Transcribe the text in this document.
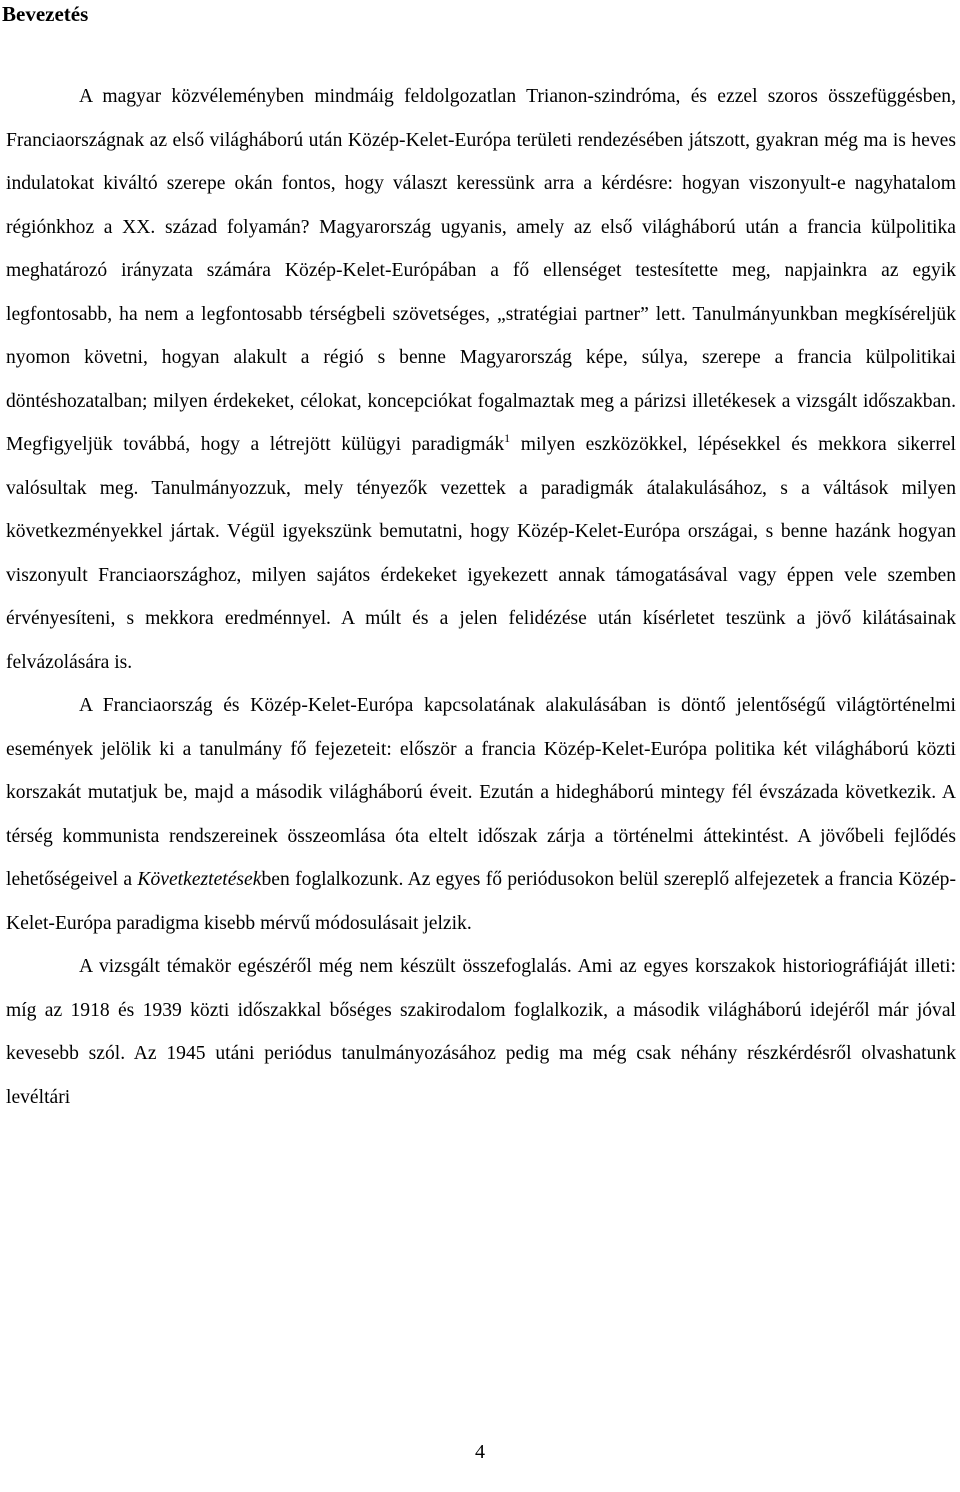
Bevezetés

A magyar közvéleményben mindmáig feldolgozatlan Trianon-szindróma, és ezzel szoros összefüggésben, Franciaországnak az első világháború után Közép-Kelet-Európa területi rendezésében játszott, gyakran még ma is heves indulatokat kiváltó szerepe okán fontos, hogy választ keressünk arra a kérdésre: hogyan viszonyult-e nagyhatalom régiónkhoz a XX. század folyamán? Magyarország ugyanis, amely az első világháború után a francia külpolitika meghatározó irányzata számára Közép-Kelet-Európában a fő ellenséget testesítette meg, napjainkra az egyik legfontosabb, ha nem a legfontosabb térségbeli szövetséges, „stratégiai partner” lett. Tanulmányunkban megkíséreljük nyomon követni, hogyan alakult a régió s benne Magyarország képe, súlya, szerepe a francia külpolitikai döntéshozatalban; milyen érdekeket, célokat, koncepciókat fogalmaztak meg a párizsi illetékesek a vizsgált időszakban. Megfigyeljük továbbá, hogy a létrejött külügyi paradigmák$^1$ milyen eszközökkel, lépésekkel és mekkora sikerrel valósultak meg. Tanulmányozzuk, mely tényezők vezettek a paradigmák átalakulásához, s a váltások milyen következményekkel jártak. Végül igyekszünk bemutatni, hogy Közép-Kelet-Európa országai, s benne hazánk hogyan viszonyult Franciaországhoz, milyen sajátos érdekeket igyekezett annak támogatásával vagy éppen vele szemben érvényesíteni, s mekkora eredménnyel. A múlt és a jelen felidézése után kísérletet teszünk a jövő kilátásainak felvázolására is.

A Franciaország és Közép-Kelet-Európa kapcsolatának alakulásában is döntő jelentőségű világtörténelmi események jelölik ki a tanulmány fő fejezeteit: először a francia Közép-Kelet-Európa politika két világháború közti korszakát mutatjuk be, majd a második világháború éveit. Ezután a hidegháború mintegy fél évszázada következik. A térség kommunista rendszereinek összeomlása óta eltelt időszak zárja a történelmi áttekintést. A jövőbeli fejlődés lehetőségeivel a Következtetésekben foglalkozunk. Az egyes fő periódusokon belül szereplő alfejezetek a francia Közép-Kelet-Európa paradigma kisebb mérvű módosulásait jelzik.

A vizsgált témakör egészéről még nem készült összefoglalás. Ami az egyes korszakok historiográfiáját illeti: míg az 1918 és 1939 közti időszakkal bőséges szakirodalom foglalkozik, a második világháború idejéről már jóval kevesebb szól. Az 1945 utáni periódus tanulmányozásához pedig ma még csak néhány részkérdésről olvashatunk levéltári

4
